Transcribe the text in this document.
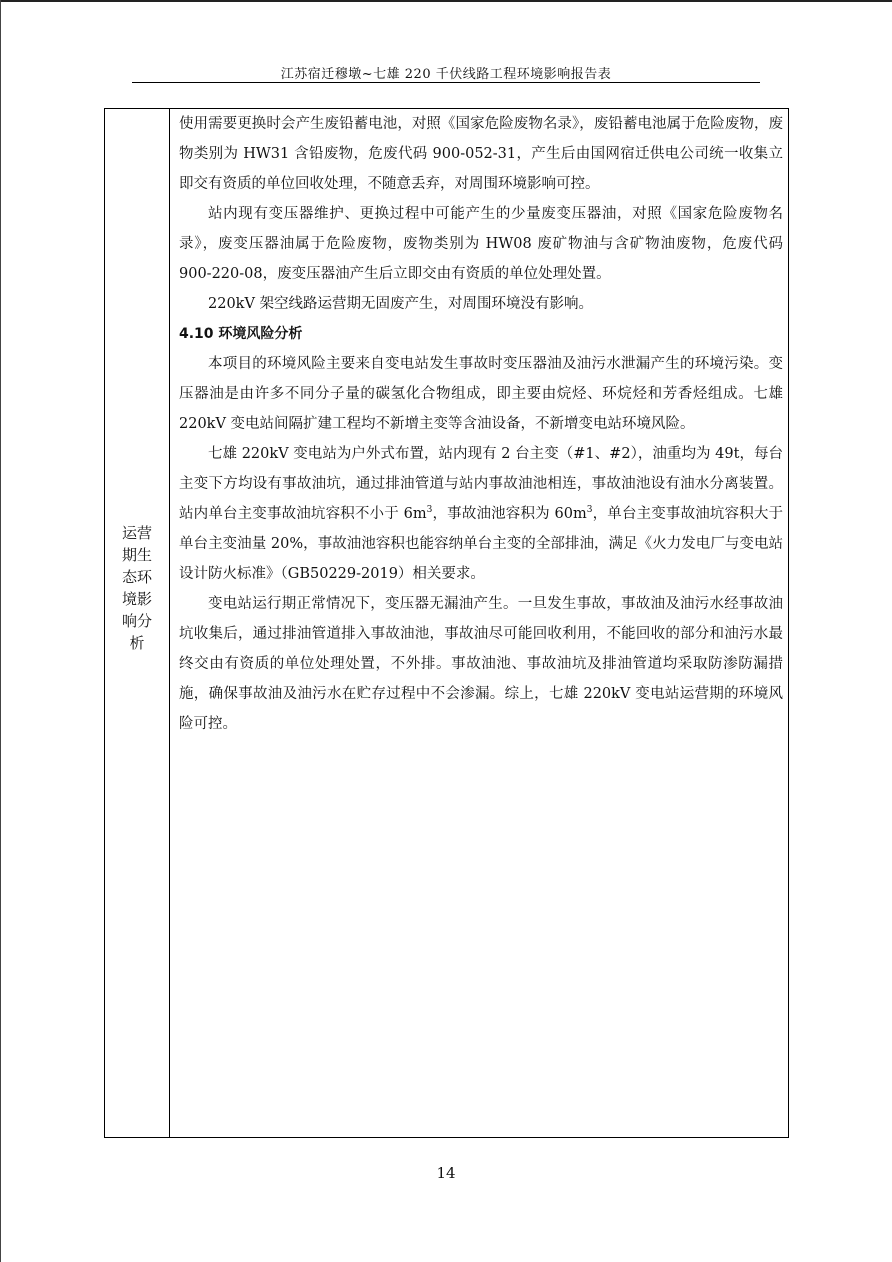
江苏宿迁穆墩~七雄 220 千伏线路工程环境影响报告表
运营
期生
态环
境影
响分
析

使用需要更换时会产生废铅蓄电池，对照《国家危险废物名录》，废铅蓄电池属于危险废物，废物类别为 HW31 含铅废物，危废代码 900-052-31，产生后由国网宿迁供电公司统一收集立即交有资质的单位回收处理，不随意丢弃，对周围环境影响可控。

站内现有变压器维护、更换过程中可能产生的少量废变压器油，对照《国家危险废物名录》，废变压器油属于危险废物，废物类别为 HW08 废矿物油与含矿物油废物，危废代码 900-220-08，废变压器油产生后立即交由有资质的单位处理处置。

220kV 架空线路运营期无固废产生，对周围环境没有影响。

4.10 环境风险分析

本项目的环境风险主要来自变电站发生事故时变压器油及油污水泄漏产生的环境污染。变压器油是由许多不同分子量的碳氢化合物组成，即主要由烷烃、环烷烃和芳香烃组成。七雄 220kV 变电站间隔扩建工程均不新增主变等含油设备，不新增变电站环境风险。

七雄 220kV 变电站为户外式布置，站内现有 2 台主变（#1、#2），油重均为 49t，每台主变下方均设有事故油坑，通过排油管道与站内事故油池相连，事故油池设有油水分离装置。站内单台主变事故油坑容积不小于 $6m^3$，事故油池容积为 $60m^3$，单台主变事故油坑容积大于单台主变油量 20%，事故油池容积也能容纳单台主变的全部排油，满足《火力发电厂与变电站设计防火标准》（GB50229-2019）相关要求。

变电站运行期正常情况下，变压器无漏油产生。一旦发生事故，事故油及油污水经事故油坑收集后，通过排油管道排入事故油池，事故油尽可能回收利用，不能回收的部分和油污水最终交由有资质的单位处理处置，不外排。事故油池、事故油坑及排油管道均采取防渗防漏措施，确保事故油及油污水在贮存过程中不会渗漏。综上，七雄 220kV 变电站运营期的环境风险可控。

14
